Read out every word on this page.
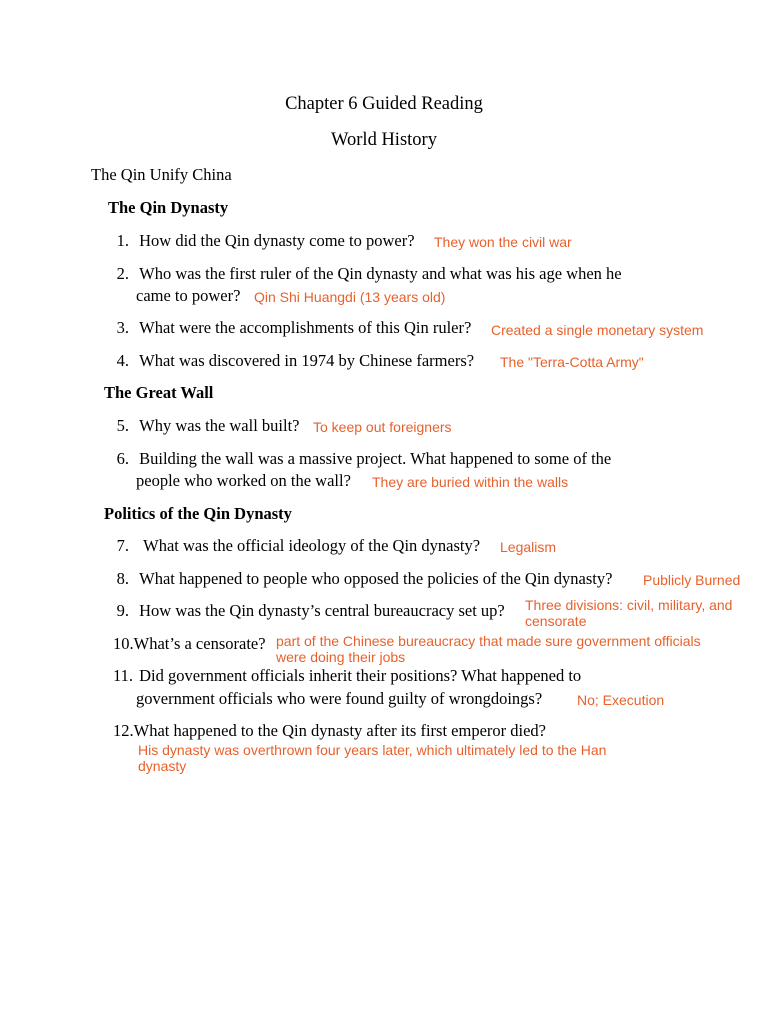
Chapter 6 Guided Reading
World History
The Qin Unify China
The Qin Dynasty
1. How did the Qin dynasty come to power? They won the civil war
2. Who was the first ruler of the Qin dynasty and what was his age when he
came to power? Qin Shi Huangdi (13 years old)
3. What were the accomplishments of this Qin ruler? Created a single monetary system
4. What was discovered in 1974 by Chinese farmers? The "Terra-Cotta Army"
The Great Wall
5. Why was the wall built? To keep out foreigners
6. Building the wall was a massive project. What happened to some of the
people who worked on the wall? They are buried within the walls
Politics of the Qin Dynasty
7. What was the official ideology of the Qin dynasty? Legalism
8. What happened to people who opposed the policies of the Qin dynasty? Publicly Burned
9. How was the Qin dynasty’s central bureaucracy set up? Three divisions: civil, military, and
censorate
10.What’s a censorate? part of the Chinese bureaucracy that made sure government officials
were doing their jobs
11. Did government officials inherit their positions? What happened to
government officials who were found guilty of wrongdoings? No; Execution
12.What happened to the Qin dynasty after its first emperor died?
His dynasty was overthrown four years later, which ultimately led to the Han
dynasty
